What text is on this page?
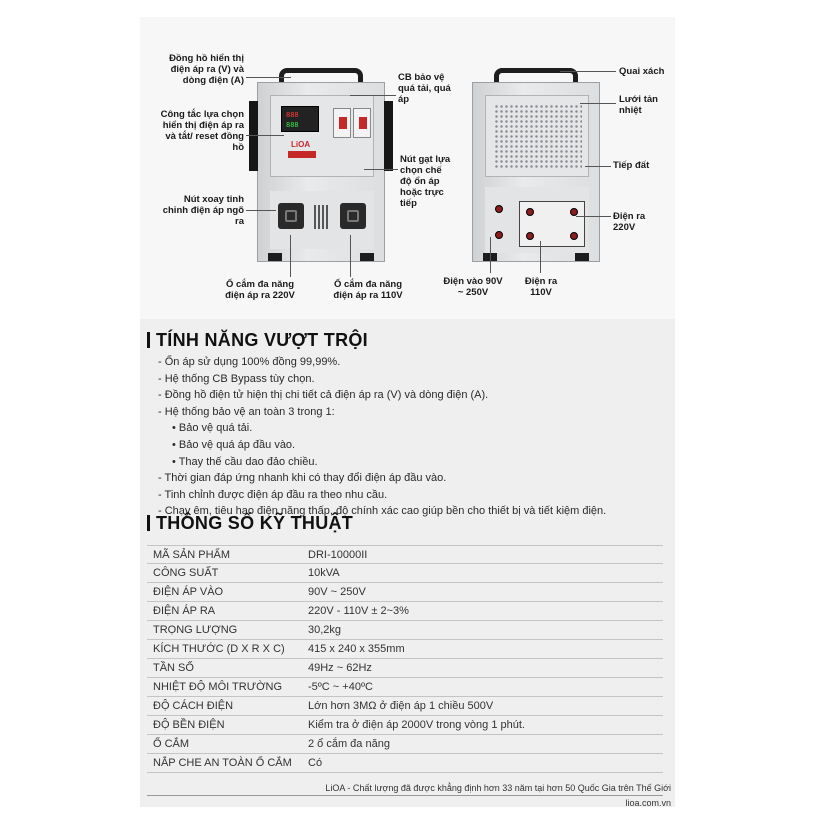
888
888
LiOA
Đồng hồ hiển thị điện áp ra (V) và dòng điện (A)
Công tắc lựa chọn hiển thị điện áp ra và tắt/ reset đồng hồ
Nút xoay tinh chỉnh điện áp ngõ ra
CB bảo vệ quá tải, quá áp
Nút gạt lựa chọn chế độ ổn áp hoặc trực tiếp
Ổ cắm đa năng điện áp ra 220V
Ổ cắm đa năng điện áp ra 110V
Quai xách
Lưới tản nhiệt
Tiếp đất
Điện ra 220V
Điện vào 90V ~ 250V
Điện ra 110V
TÍNH NĂNG VƯỢT TRỘI
- Ổn áp sử dụng 100% đồng 99,99%.
- Hệ thống CB Bypass tùy chọn.
- Đồng hồ điện tử hiện thị chi tiết cả điện áp ra (V) và dòng điện (A).
- Hệ thống bảo vệ an toàn 3 trong 1:
• Bảo vệ quá tải.
• Bảo vệ quá áp đầu vào.
• Thay thế cầu dao đảo chiều.
- Thời gian đáp ứng nhanh khi có thay đổi điện áp đầu vào.
- Tinh chỉnh được điện áp đầu ra theo nhu cầu.
- Chạy êm, tiêu hao điện năng thấp, độ chính xác cao giúp bền cho thiết bị và tiết kiệm điện.
THÔNG SỐ KỸ THUẬT
MÃ SẢN PHẨM	DRI-10000II
CÔNG SUẤT	10kVA
ĐIỆN ÁP VÀO	90V ~ 250V
ĐIỆN ÁP RA	220V - 110V ± 2~3%
TRỌNG LƯỢNG	30,2kg
KÍCH THƯỚC (D X R X C) 415 x 240 x 355mm
TẦN SỐ	49Hz ~ 62Hz
NHIỆT ĐỘ MÔI TRƯỜNG -5ºC ~ +40ºC
ĐỘ CÁCH ĐIỆN	Lớn hơn 3MΩ ở điện áp 1 chiều 500V
ĐỘ BỀN ĐIỆN	Kiểm tra ở điện áp 2000V trong vòng 1 phút.
Ổ CẮM	2 ổ cắm đa năng
NẮP CHE AN TOÀN Ổ CẮM Có
LiOA - Chất lượng đã được khẳng định hơn 33 năm tại hơn 50 Quốc Gia trên Thế Giới
lioa.com.vn
